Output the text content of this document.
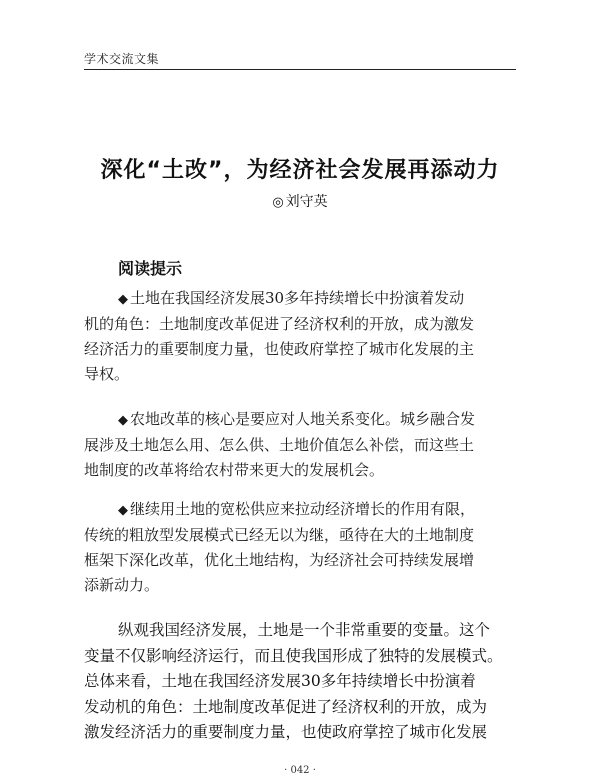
学术交流文集
深化“土改”，为经济社会发展再添动力
◎ 刘守英
阅读提示
◆ 土地在我国经济发展30多年持续增长中扮演着发动
机的角色：土地制度改革促进了经济权利的开放，成为激发
经济活力的重要制度力量，也使政府掌控了城市化发展的主
导权。
◆ 农地改革的核心是要应对人地关系变化。城乡融合发
展涉及土地怎么用、怎么供、土地价值怎么补偿，而这些土
地制度的改革将给农村带来更大的发展机会。
◆ 继续用土地的宽松供应来拉动经济增长的作用有限，
传统的粗放型发展模式已经无以为继，亟待在大的土地制度
框架下深化改革，优化土地结构，为经济社会可持续发展增
添新动力。
纵观我国经济发展，土地是一个非常重要的变量。这个
变量不仅影响经济运行，而且使我国形成了独特的发展模式。
总体来看，土地在我国经济发展30多年持续增长中扮演着
发动机的角色：土地制度改革促进了经济权利的开放，成为
激发经济活力的重要制度力量，也使政府掌控了城市化发展
· 042 ·
